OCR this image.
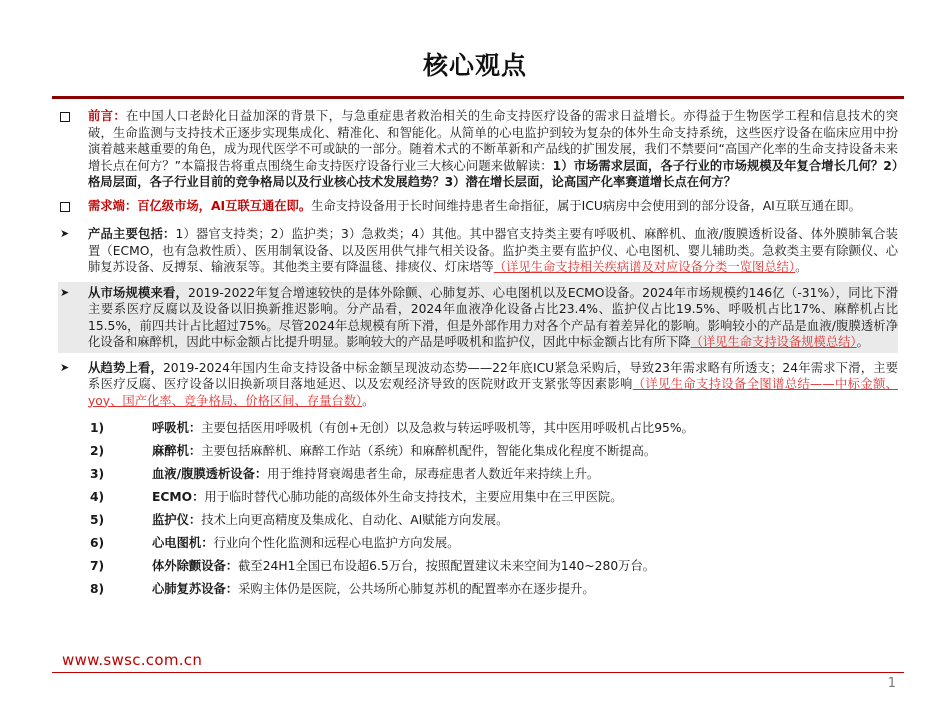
核心观点
前言：在中国人口老龄化日益加深的背景下，与急重症患者救治相关的生命支持医疗设备的需求日益增长。亦得益于生物医学工程和信息技术的突破，生命监测与支持技术正逐步实现集成化、精准化、和智能化。从简单的心电监护到较为复杂的体外生命支持系统，这些医疗设备在临床应用中扮演着越来越重要的角色，成为现代医学不可或缺的一部分。随着术式的不断革新和产品线的扩围发展，我们不禁要问“高国产化率的生命支持设备未来增长点在何方？”本篇报告将重点围绕生命支持医疗设备行业三大核心问题来做解读：1）市场需求层面，各子行业的市场规模及年复合增长几何？2）格局层面，各子行业目前的竞争格局以及行业核心技术发展趋势？3）潜在增长层面，论高国产化率赛道增长点在何方？
需求端：百亿级市场，AI互联互通在即。生命支持设备用于长时间维持患者生命指征，属于ICU病房中会使用到的部分设备，AI互联互通在即。
➤	产品主要包括：1）器官支持类；2）监护类；3）急救类；4）其他。其中器官支持类主要有呼吸机、麻醉机、血液/腹膜透析设备、体外膜肺氧合装置（ECMO，也有急救性质）、医用制氧设备、以及医用供气排气相关设备。监护类主要有监护仪、心电图机、婴儿辅助类。急救类主要有除颤仪、心肺复苏设备、反搏泵、输液泵等。其他类主要有降温毯、排痰仪、灯床塔等（详见生命支持相关疾病谱及对应设备分类一览图总结）。
➤	从市场规模来看，2019-2022年复合增速较快的是体外除颤、心肺复苏、心电图机以及ECMO设备。2024年市场规模约146亿（-31%），同比下滑主要系医疗反腐以及设备以旧换新推迟影响。分产品看，2024年血液净化设备占比23.4%、监护仪占比19.5%、呼吸机占比17%、麻醉机占比15.5%，前四共计占比超过75%。尽管2024年总规模有所下滑，但是外部作用力对各个产品有着差异化的影响。影响较小的产品是血液/腹膜透析净化设备和麻醉机，因此中标金额占比提升明显。影响较大的产品是呼吸机和监护仪，因此中标金额占比有所下降（详见生命支持设备规模总结）。
➤	从趋势上看，2019-2024年国内生命支持设备中标金额呈现波动态势——22年底ICU紧急采购后，导致23年需求略有所透支；24年需求下滑，主要系医疗反腐、医疗设备以旧换新项目落地延迟、以及宏观经济导致的医院财政开支紧张等因素影响（详见生命支持设备全图谱总结——中标金额、yoy、国产化率、竞争格局、价格区间、存量台数）。
1)	呼吸机：主要包括医用呼吸机（有创+无创）以及急救与转运呼吸机等，其中医用呼吸机占比95%。
2)	麻醉机：主要包括麻醉机、麻醉工作站（系统）和麻醉机配件，智能化集成化程度不断提高。
3)	血液/腹膜透析设备：用于维持肾衰竭患者生命，尿毒症患者人数近年来持续上升。
4)	ECMO：用于临时替代心肺功能的高级体外生命支持技术，主要应用集中在三甲医院。
5)	监护仪：技术上向更高精度及集成化、自动化、AI赋能方向发展。
6)	心电图机：行业向个性化监测和远程心电监护方向发展。
7)	体外除颤设备：截至24H1全国已布设超6.5万台，按照配置建议未来空间为140~280万台。
8)	心肺复苏设备：采购主体仍是医院，公共场所心肺复苏机的配置率亦在逐步提升。
www.swsc.com.cn
1
